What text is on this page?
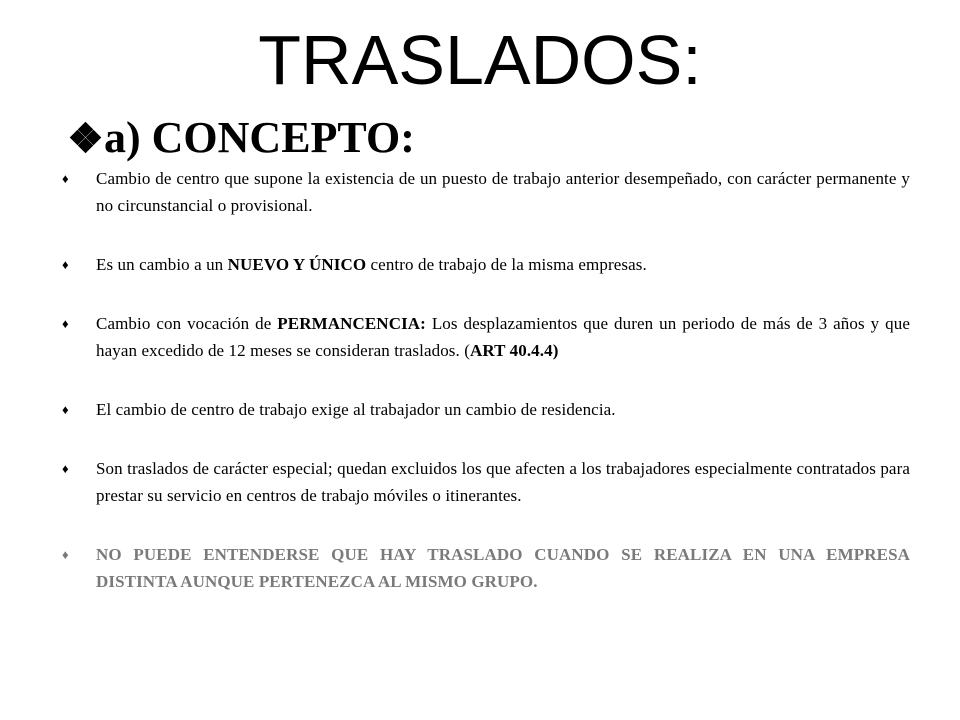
TRASLADOS:
a) CONCEPTO:
♦	Cambio de centro que supone la existencia de un puesto de trabajo anterior desempeñado, con carácter permanente y no circunstancial o provisional.
♦	Es un cambio a un NUEVO Y ÚNICO centro de trabajo de la misma empresas.
♦	Cambio con vocación de PERMANCENCIA: Los desplazamientos que duren un periodo de más de 3 años y que hayan excedido de 12 meses se consideran traslados. (ART 40.4.4)
♦	El cambio de centro de trabajo exige al trabajador un cambio de residencia.
♦	Son traslados de carácter especial; quedan excluidos los que afecten a los trabajadores especialmente contratados para prestar su servicio en centros de trabajo móviles o itinerantes.
♦	NO PUEDE ENTENDERSE QUE HAY TRASLADO CUANDO SE REALIZA EN UNA EMPRESA DISTINTA AUNQUE PERTENEZCA AL MISMO GRUPO.
